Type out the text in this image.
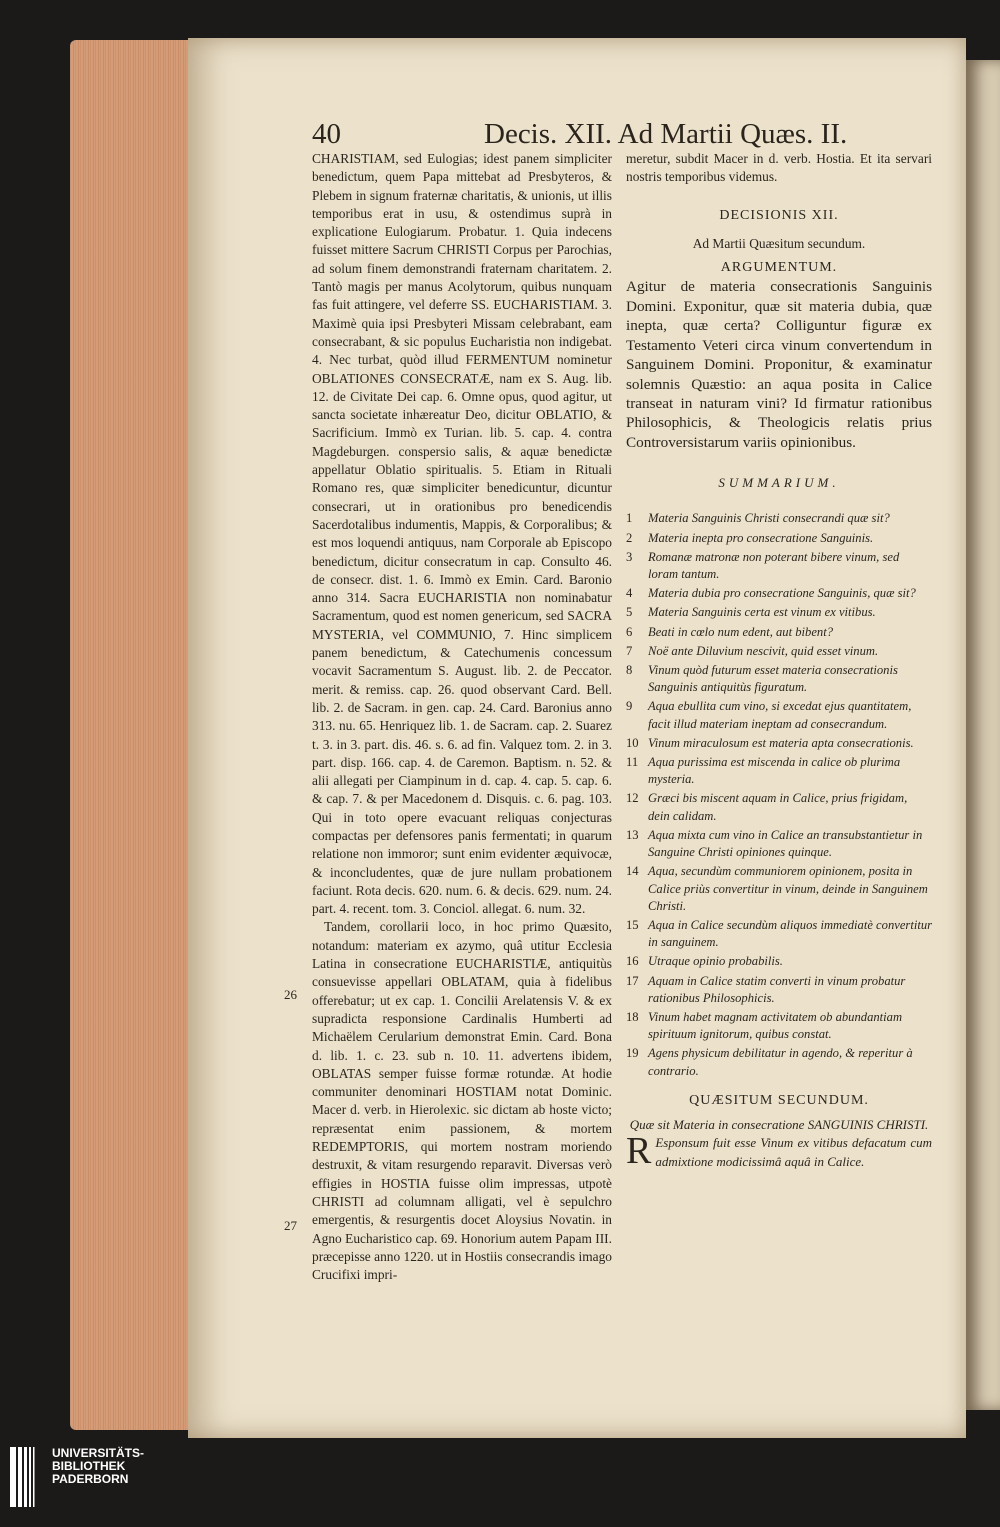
40	Decis. XII. Ad Martii Quæs. II.

CHARISTIAM, sed Eulogias; idest panem simpliciter benedictum, quem Papa mittebat ad Presbyteros, & Plebem in signum fraternæ charitatis, & unionis, ut illis temporibus erat in usu, & ostendimus suprà in explicatione Eulogiarum. Probatur. 1. Quia indecens fuisset mittere Sacrum CHRISTI Corpus per Parochias, ad solum finem demonstrandi fraternam charitatem. 2. Tantò magis per manus Acolytorum, quibus nunquam fas fuit attingere, vel deferre SS. EUCHARISTIAM. 3. Maximè quia ipsi Presbyteri Missam celebrabant, eam consecrabant, & sic populus Eucharistia non indigebat. 4. Nec turbat, quòd illud FERMENTUM nominetur OBLATIONES CONSECRATÆ, nam ex S. Aug. lib. 12. de Civitate Dei cap. 6. Omne opus, quod agitur, ut sancta societate inhæreatur Deo, dicitur OBLATIO, & Sacrificium. Immò ex Turian. lib. 5. cap. 4. contra Magdeburgen. conspersio salis, & aquæ benedictæ appellatur Oblatio spiritualis. 5. Etiam in Rituali Romano res, quæ simpliciter benedicuntur, dicuntur consecrari, ut in orationibus pro benedicendis Sacerdotalibus indumentis, Mappis, & Corporalibus; & est mos loquendi antiquus, nam Corporale ab Episcopo benedictum, dicitur consecratum in cap. Consulto 46. de consecr. dist. 1. 6. Immò ex Emin. Card. Baronio anno 314. Sacra EUCHARISTIA non nominabatur Sacramentum, quod est nomen genericum, sed SACRA MYSTERIA, vel COMMUNIO, 7. Hinc simplicem panem benedictum, & Catechumenis concessum vocavit Sacramentum S. August. lib. 2. de Peccator. merit. & remiss. cap. 26. quod observant Card. Bell. lib. 2. de Sacram. in gen. cap. 24. Card. Baronius anno 313. nu. 65. Henriquez lib. 1. de Sacram. cap. 2. Suarez t. 3. in 3. part. dis. 46. s. 6. ad fin. Valquez tom. 2. in 3. part. disp. 166. cap. 4. de Caremon. Baptism. n. 52. & alii allegati per Ciampinum in d. cap. 4. cap. 5. cap. 6. & cap. 7. & per Macedonem d. Disquis. c. 6. pag. 103. Qui in toto opere evacuant reliquas conjecturas compactas per defensores panis fermentati; in quarum relatione non immoror; sunt enim evidenter æquivocæ, & inconcludentes, quæ de jure nullam probationem faciunt. Rota decis. 620. num. 6. & decis. 629. num. 24. part. 4. recent. tom. 3. Conciol. allegat. 6. num. 32.

Tandem, corollarii loco, in hoc primo Quæsito, notandum: materiam ex azymo, quâ utitur Ecclesia Latina in consecratione EUCHARISTIÆ, antiquitùs consuevisse appellari OBLATAM, quia à fidelibus offerebatur; ut ex cap. 1. Concilii Arelatensis V. & ex supradicta responsione Cardinalis Humberti ad Michaëlem Cerularium demonstrat Emin. Card. Bona d. lib. 1. c. 23. sub n. 10. 11. advertens ibidem, OBLATAS semper fuisse formæ rotundæ. At hodie communiter denominari HOSTIAM notat Dominic. Macer d. verb. in Hierolexic. sic dictam ab hoste victo; repræsentat enim passionem, & mortem REDEMPTORIS, qui mortem nostram moriendo destruxit, & vitam resurgendo reparavit. Diversas verò effigies in HOSTIA fuisse olim impressas, utpotè CHRISTI ad columnam alligati, vel è sepulchro emergentis, & resurgentis docet Aloysius Novatin. in Agno Eucharistico cap. 69. Honorium autem Papam III. præcepisse anno 1220. ut in Hostiis consecrandis imago Crucifixi impri-

26
27

meretur, subdit Macer in d. verb. Hostia. Et ita servari nostris temporibus videmus.

DECISIONIS XII.
Ad Martii Quæsitum secundum.
ARGUMENTUM.

Agitur de materia consecrationis Sanguinis Domini. Exponitur, quæ sit materia dubia, quæ inepta, quæ certa? Colliguntur figuræ ex Testamento Veteri circa vinum convertendum in Sanguinem Domini. Proponitur, & examinatur solemnis Quæstio: an aqua posita in Calice transeat in naturam vini? Id firmatur rationibus Philosophicis, & Theologicis relatis prius Controversistarum variis opinionibus.

SUMMARIUM.
1	Materia Sanguinis Christi consecrandi quæ sit?
2	Materia inepta pro consecratione Sanguinis.
3	Romanæ matronæ non poterant bibere vinum, sed loram tantum.
4	Materia dubia pro consecratione Sanguinis, quæ sit?
5	Materia Sanguinis certa est vinum ex vitibus.
6	Beati in cœlo num edent, aut bibent?
7	Noë ante Diluvium nescivit, quid esset vinum.
8	Vinum quòd futurum esset materia consecrationis Sanguinis antiquitùs figuratum.
9	Aqua ebullita cum vino, si excedat ejus quantitatem, facit illud materiam ineptam ad consecrandum.
10 Vinum miraculosum est materia apta consecrationis.
11 Aqua purissima est miscenda in calice ob plurima mysteria.
12 Græci bis miscent aquam in Calice, prius frigidam, dein calidam.
13 Aqua mixta cum vino in Calice an transubstantietur in Sanguine Christi opiniones quinque.
14 Aqua, secundùm communiorem opinionem, posita in Calice priùs convertitur in vinum, deinde in Sanguinem Christi.
15 Aqua in Calice secundùm aliquos immediatè convertitur in sanguinem.
16 Utraque opinio probabilis.
17 Aquam in Calice statim converti in vinum probatur rationibus Philosophicis.
18 Vinum habet magnam activitatem ob abundantiam spirituum ignitorum, quibus constat.
19 Agens physicum debilitatur in agendo, & reperitur à contrario.
QUÆSITUM SECUNDUM.
Quæ sit Materia in consecratione SANGUINIS CHRISTI.

R Esponsum fuit esse Vinum ex vitibus defacatum cum admixtione modicissimâ aquâ in Calice.

UNIVERSITÄTS-
BIBLIOTHEK
PADERBORN
